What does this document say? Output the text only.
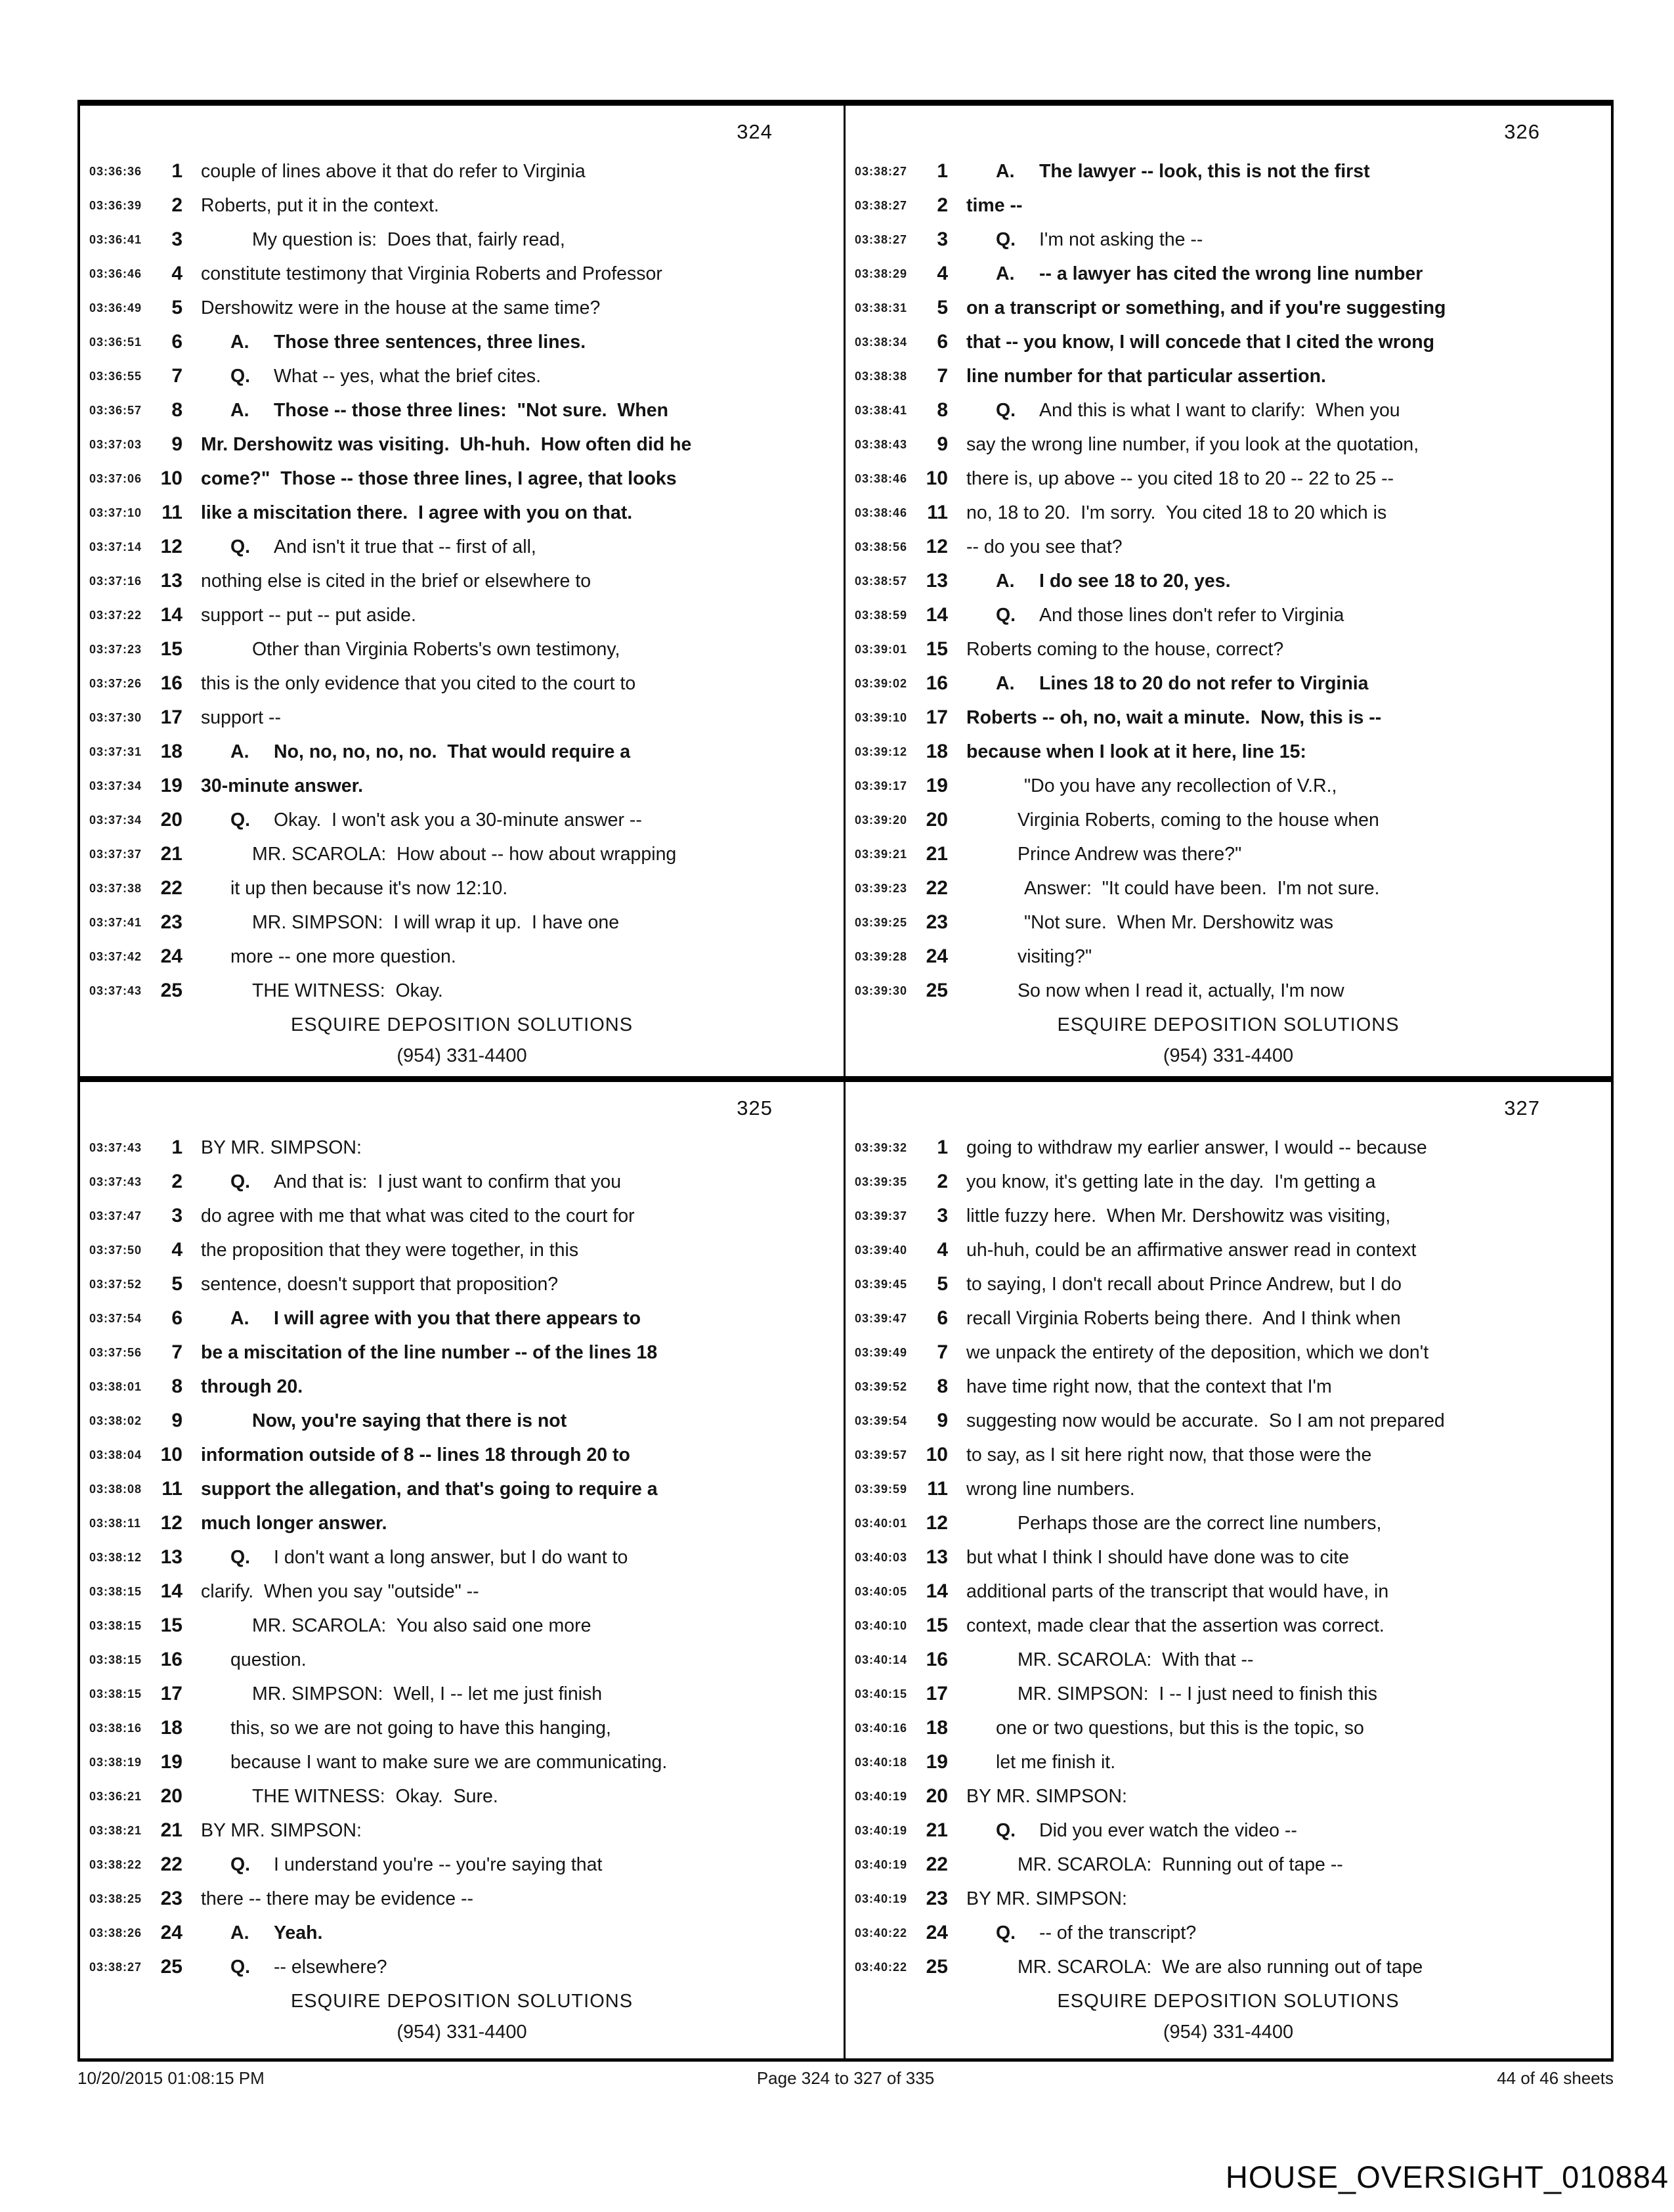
324
03:36:36	1 couple of lines above it that do refer to Virginia
03:36:39	2 Roberts, put it in the context.
03:36:41	3	My question is:  Does that, fairly read,
03:36:46	4 constitute testimony that Virginia Roberts and Professor
03:36:49	5 Dershowitz were in the house at the same time?
03:36:51	6	A. Those three sentences, three lines.
03:36:55	7	Q. What -- yes, what the brief cites.
03:36:57	8	A. Those -- those three lines:  "Not sure.  When
03:37:03	9 Mr. Dershowitz was visiting.  Uh-huh.  How often did he
03:37:06 10 come?"  Those -- those three lines, I agree, that looks
03:37:10	11 like a miscitation there.  I agree with you on that.
03:37:14 12	Q. And isn't it true that -- first of all,
03:37:16 13 nothing else is cited in the brief or elsewhere to
03:37:22 14 support -- put -- put aside.
03:37:23 15	Other than Virginia Roberts's own testimony,
03:37:26 16 this is the only evidence that you cited to the court to
03:37:30 17 support --
03:37:31 18	A. No, no, no, no, no.  That would require a
03:37:34 19 30-minute answer.
03:37:34 20	Q. Okay.  I won't ask you a 30-minute answer --
03:37:37 21	MR. SCAROLA:  How about -- how about wrapping
03:37:38 22	it up then because it's now 12:10.
03:37:41 23	MR. SIMPSON:  I will wrap it up.  I have one
03:37:42 24	more -- one more question.
03:37:43 25	THE WITNESS:  Okay.
ESQUIRE DEPOSITION SOLUTIONS
(954) 331-4400
326
03:38:27	1	A. The lawyer -- look, this is not the first
03:38:27	2 time --
03:38:27	3	Q. I'm not asking the --
03:38:29	4	A. -- a lawyer has cited the wrong line number
03:38:31	5 on a transcript or something, and if you're suggesting
03:38:34	6 that -- you know, I will concede that I cited the wrong
03:38:38	7 line number for that particular assertion.
03:38:41	8	Q. And this is what I want to clarify:  When you
03:38:43	9 say the wrong line number, if you look at the quotation,
03:38:46 10 there is, up above -- you cited 18 to 20 -- 22 to 25 --
03:38:46	11 no, 18 to 20.  I'm sorry.  You cited 18 to 20 which is
03:38:56 12 -- do you see that?
03:38:57 13	A. I do see 18 to 20, yes.
03:38:59 14	Q. And those lines don't refer to Virginia
03:39:01 15 Roberts coming to the house, correct?
03:39:02 16	A. Lines 18 to 20 do not refer to Virginia
03:39:10 17 Roberts -- oh, no, wait a minute.  Now, this is --
03:39:12 18 because when I look at it here, line 15:
03:39:17 19	"Do you have any recollection of V.R.,
03:39:20 20	Virginia Roberts, coming to the house when
03:39:21 21	Prince Andrew was there?"
03:39:23 22	Answer:  "It could have been.  I'm not sure.
03:39:25 23	"Not sure.  When Mr. Dershowitz was
03:39:28 24	visiting?"
03:39:30 25	So now when I read it, actually, I'm now
ESQUIRE DEPOSITION SOLUTIONS
(954) 331-4400
325
03:37:43	1 BY MR. SIMPSON:
03:37:43	2	Q. And that is:  I just want to confirm that you
03:37:47	3 do agree with me that what was cited to the court for
03:37:50	4 the proposition that they were together, in this
03:37:52	5 sentence, doesn't support that proposition?
03:37:54	6	A. I will agree with you that there appears to
03:37:56	7 be a miscitation of the line number -- of the lines 18
03:38:01	8 through 20.
03:38:02	9	Now, you're saying that there is not
03:38:04 10 information outside of 8 -- lines 18 through 20 to
03:38:08	11 support the allegation, and that's going to require a
03:38:11 12 much longer answer.
03:38:12 13	Q. I don't want a long answer, but I do want to
03:38:15 14 clarify.  When you say "outside" --
03:38:15 15	MR. SCAROLA:  You also said one more
03:38:15 16	question.
03:38:15 17	MR. SIMPSON:  Well, I -- let me just finish
03:38:16 18	this, so we are not going to have this hanging,
03:38:19 19	because I want to make sure we are communicating.
03:36:21 20	THE WITNESS:  Okay.  Sure.
03:38:21 21 BY MR. SIMPSON:
03:38:22 22	Q. I understand you're -- you're saying that
03:38:25 23 there -- there may be evidence --
03:38:26 24	A. Yeah.
03:38:27 25	Q. -- elsewhere?
ESQUIRE DEPOSITION SOLUTIONS
(954) 331-4400
327
03:39:32	1 going to withdraw my earlier answer, I would -- because
03:39:35	2 you know, it's getting late in the day.  I'm getting a
03:39:37	3 little fuzzy here.  When Mr. Dershowitz was visiting,
03:39:40	4 uh-huh, could be an affirmative answer read in context
03:39:45	5 to saying, I don't recall about Prince Andrew, but I do
03:39:47	6 recall Virginia Roberts being there.  And I think when
03:39:49	7 we unpack the entirety of the deposition, which we don't
03:39:52	8 have time right now, that the context that I'm
03:39:54	9 suggesting now would be accurate.  So I am not prepared
03:39:57 10 to say, as I sit here right now, that those were the
03:39:59	11 wrong line numbers.
03:40:01 12	Perhaps those are the correct line numbers,
03:40:03 13 but what I think I should have done was to cite
03:40:05 14 additional parts of the transcript that would have, in
03:40:10 15 context, made clear that the assertion was correct.
03:40:14 16	MR. SCAROLA:  With that --
03:40:15 17	MR. SIMPSON:  I -- I just need to finish this
03:40:16 18	one or two questions, but this is the topic, so
03:40:18 19	let me finish it.
03:40:19 20 BY MR. SIMPSON:
03:40:19 21	Q. Did you ever watch the video --
03:40:19 22	MR. SCAROLA:  Running out of tape --
03:40:19 23 BY MR. SIMPSON:
03:40:22 24	Q. -- of the transcript?
03:40:22 25	MR. SCAROLA:  We are also running out of tape
ESQUIRE DEPOSITION SOLUTIONS
(954) 331-4400
10/20/2015 01:08:15 PM	Page 324 to 327 of 335	44 of 46 sheets
HOUSE_OVERSIGHT_010884
